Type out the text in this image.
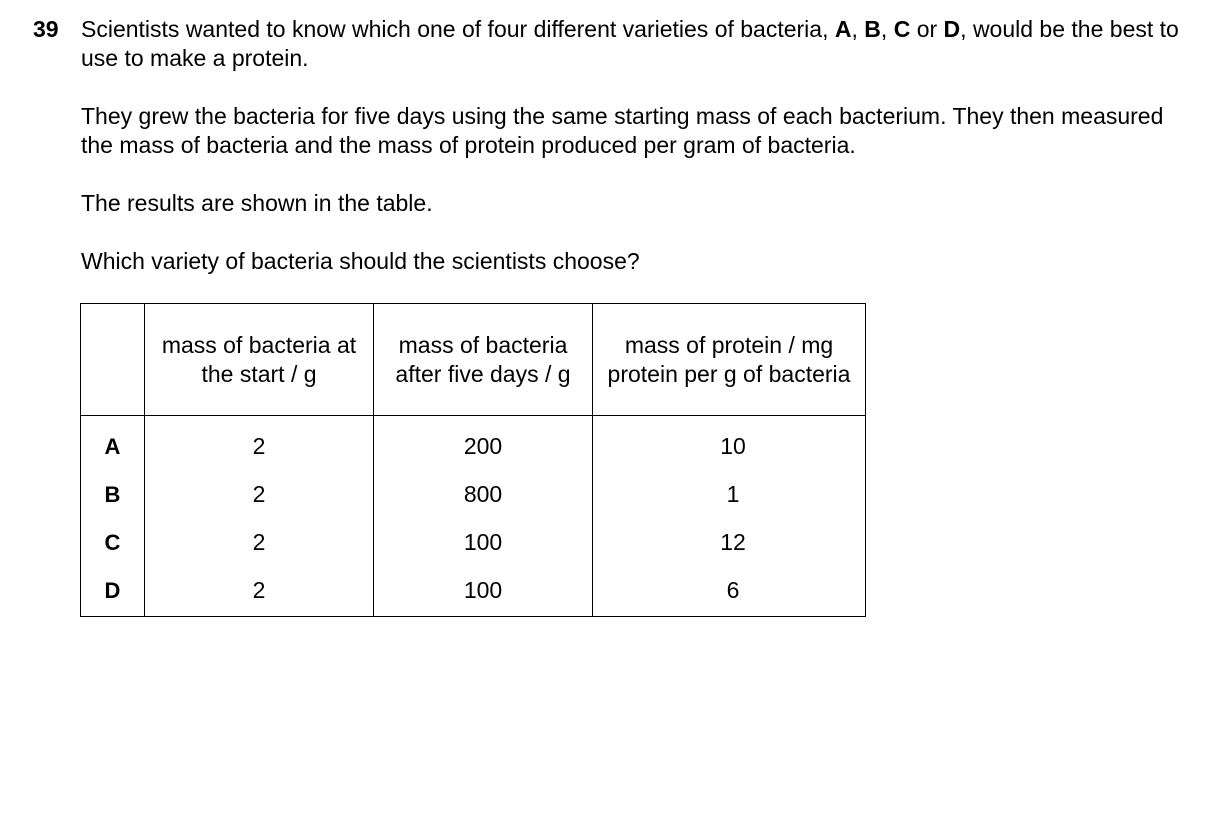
39 Scientists wanted to know which one of four different varieties of bacteria, A, B, C or D, would be the best to use to make a protein.

They grew the bacteria for five days using the same starting mass of each bacterium. They then measured the mass of bacteria and the mass of protein produced per gram of bacteria.

The results are shown in the table.

Which variety of bacteria should the scientists choose?

	mass of bacteria at the start / g	mass of bacteria after five days / g	mass of protein / mg protein per g of bacteria
A	2	200	10
B	2	800	1
C	2	100	12
D	2	100	6
